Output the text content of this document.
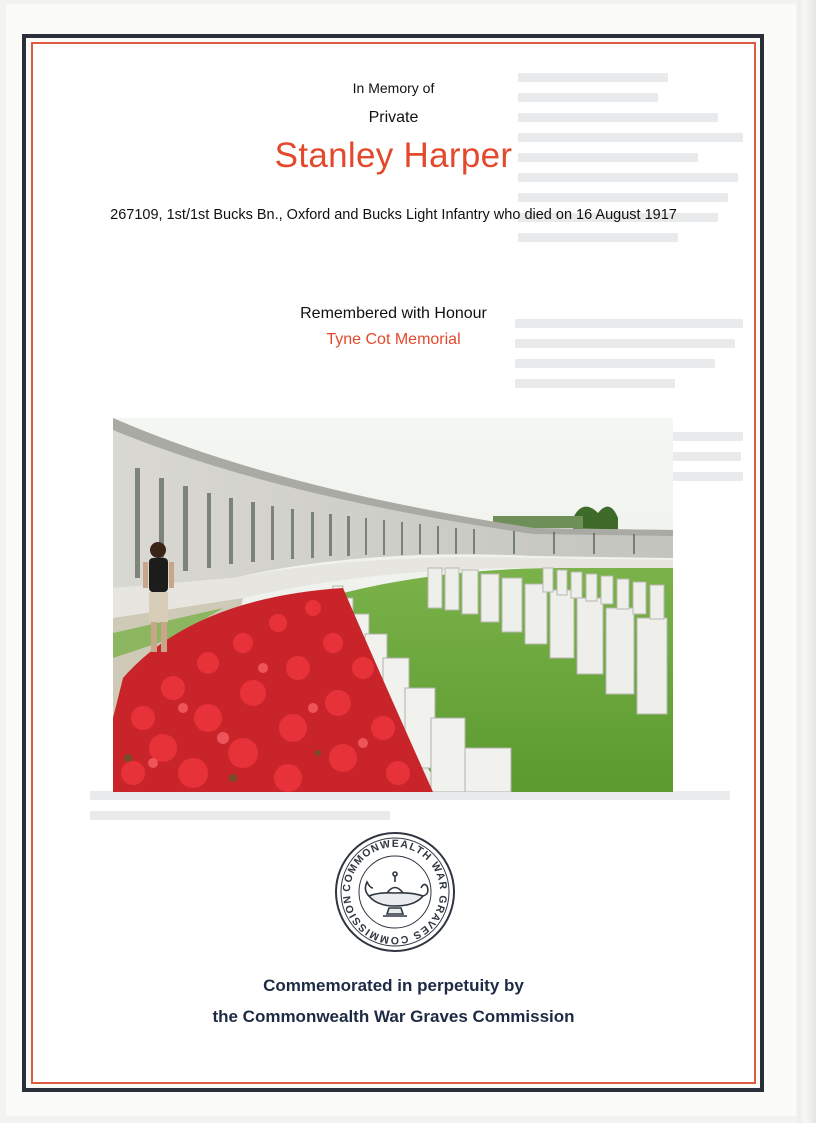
In Memory of
Private
Stanley Harper
267109, 1st/1st Bucks Bn., Oxford and Bucks Light Infantry who died on 16 August 1917
Remembered with Honour
Tyne Cot Memorial
COMMONWEALTH WAR GRAVES COMMISSION
Commemorated in perpetuity by
the Commonwealth War Graves Commission
